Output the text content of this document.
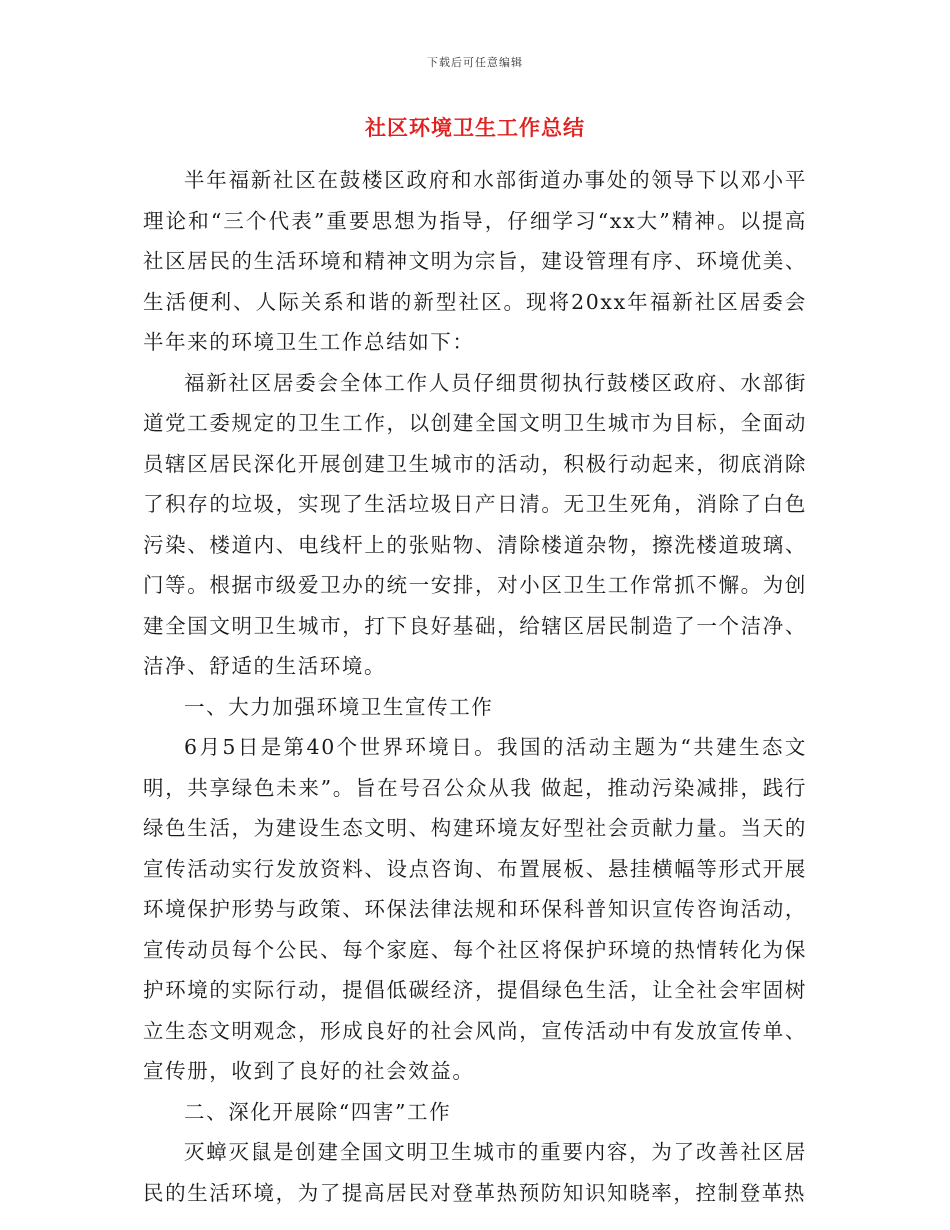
下载后可任意编辑
社区环境卫生工作总结

半年福新社区在鼓楼区政府和水部街道办事处的领导下以邓小平理论和“三个代表”重要思想为指导，仔细学习“xx大”精神。以提高社区居民的生活环境和精神文明为宗旨，建设管理有序、环境优美、生活便利、人际关系和谐的新型社区。现将20xx年福新社区居委会半年来的环境卫生工作总结如下：

福新社区居委会全体工作人员仔细贯彻执行鼓楼区政府、水部街道党工委规定的卫生工作，以创建全国文明卫生城市为目标，全面动员辖区居民深化开展创建卫生城市的活动，积极行动起来，彻底消除了积存的垃圾，实现了生活垃圾日产日清。无卫生死角，消除了白色污染、楼道内、电线杆上的张贴物、清除楼道杂物，擦洗楼道玻璃、门等。根据市级爱卫办的统一安排，对小区卫生工作常抓不懈。为创建全国文明卫生城市，打下良好基础，给辖区居民制造了一个洁净、洁净、舒适的生活环境。

一、大力加强环境卫生宣传工作

6月5日是第40个世界环境日。我国的活动主题为“共建生态文明，共享绿色未来”。旨在号召公众从我 做起，推动污染减排，践行绿色生活，为建设生态文明、构建环境友好型社会贡献力量。当天的宣传活动实行发放资料、设点咨询、布置展板、悬挂横幅等形式开展环境保护形势与政策、环保法律法规和环保科普知识宣传咨询活动，宣传动员每个公民、每个家庭、每个社区将保护环境的热情转化为保护环境的实际行动，提倡低碳经济，提倡绿色生活，让全社会牢固树立生态文明观念，形成良好的社会风尚，宣传活动中有发放宣传单、宣传册，收到了良好的社会效益。

二、深化开展除“四害”工作

灭蟑灭鼠是创建全国文明卫生城市的重要内容，为了改善社区居民的生活环境，为了提高居民对登革热预防知识知晓率，控制登革热
